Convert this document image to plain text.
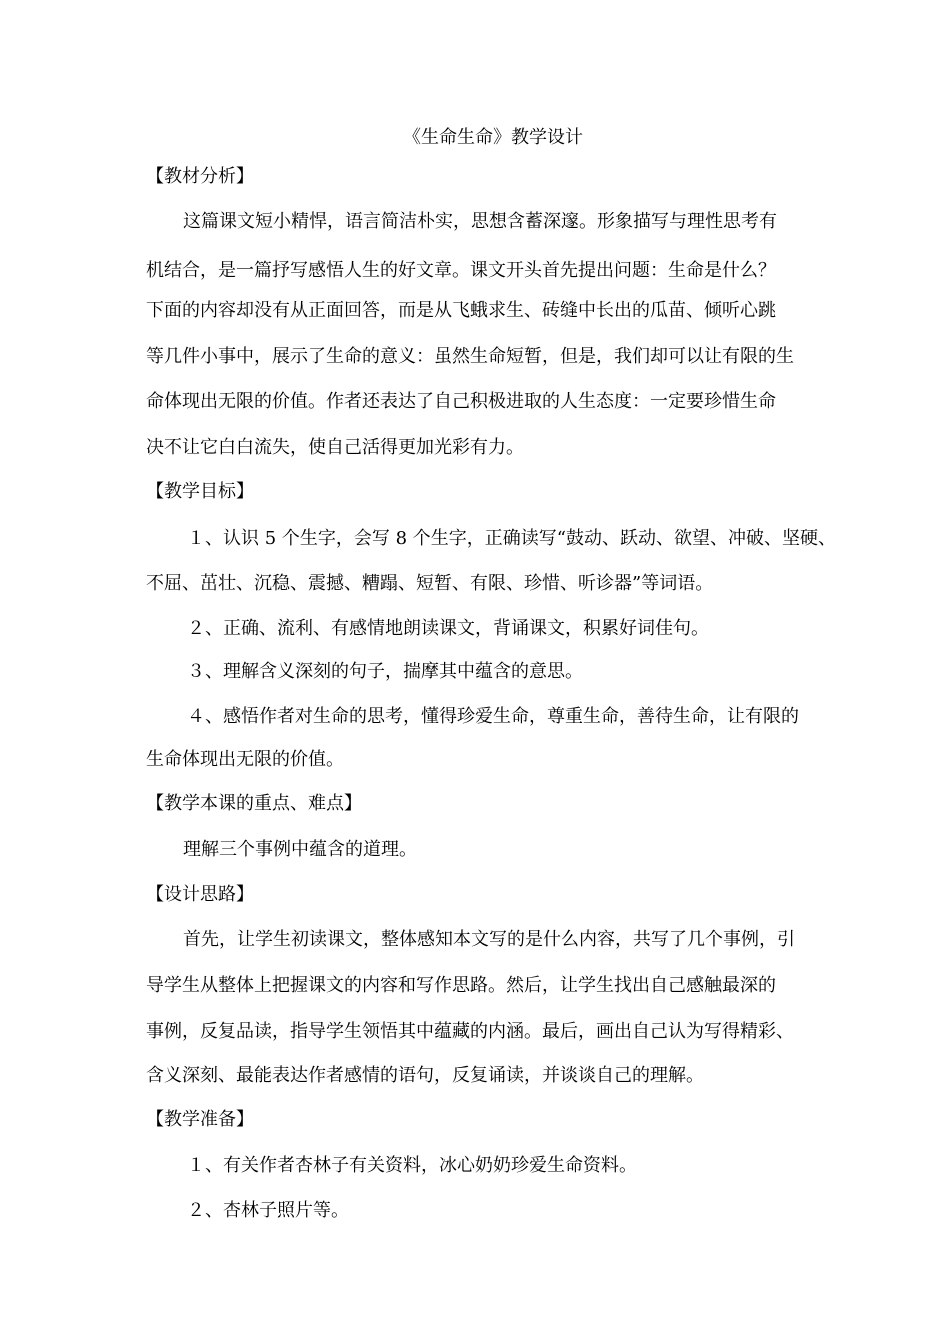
《生命生命》教学设计
【教材分析】
这篇课文短小精悍，语言简洁朴实，思想含蓄深邃。形象描写与理性思考有
机结合，是一篇抒写感悟人生的好文章。课文开头首先提出问题：生命是什么？
下面的内容却没有从正面回答，而是从飞蛾求生、砖缝中长出的瓜苗、倾听心跳
等几件小事中，展示了生命的意义：虽然生命短暂，但是，我们却可以让有限的生
命体现出无限的价值。作者还表达了自己积极进取的人生态度：一定要珍惜生命
决不让它白白流失，使自己活得更加光彩有力。
【教学目标】
１、认识 5 个生字，会写 8 个生字，正确读写“鼓动、跃动、欲望、冲破、坚硬、
不屈、茁壮、沉稳、震撼、糟蹋、短暂、有限、珍惜、听诊器”等词语。
２、正确、流利、有感情地朗读课文，背诵课文，积累好词佳句。
３、理解含义深刻的句子，揣摩其中蕴含的意思。
４、感悟作者对生命的思考，懂得珍爱生命，尊重生命，善待生命，让有限的
生命体现出无限的价值。
【教学本课的重点、难点】
理解三个事例中蕴含的道理。
【设计思路】
首先，让学生初读课文，整体感知本文写的是什么内容，共写了几个事例，引
导学生从整体上把握课文的内容和写作思路。然后，让学生找出自己感触最深的
事例，反复品读，指导学生领悟其中蕴藏的内涵。最后，画出自己认为写得精彩、
含义深刻、最能表达作者感情的语句，反复诵读，并谈谈自己的理解。
【教学准备】
１、有关作者杏林子有关资料，冰心奶奶珍爱生命资料。
２、杏林子照片等。
